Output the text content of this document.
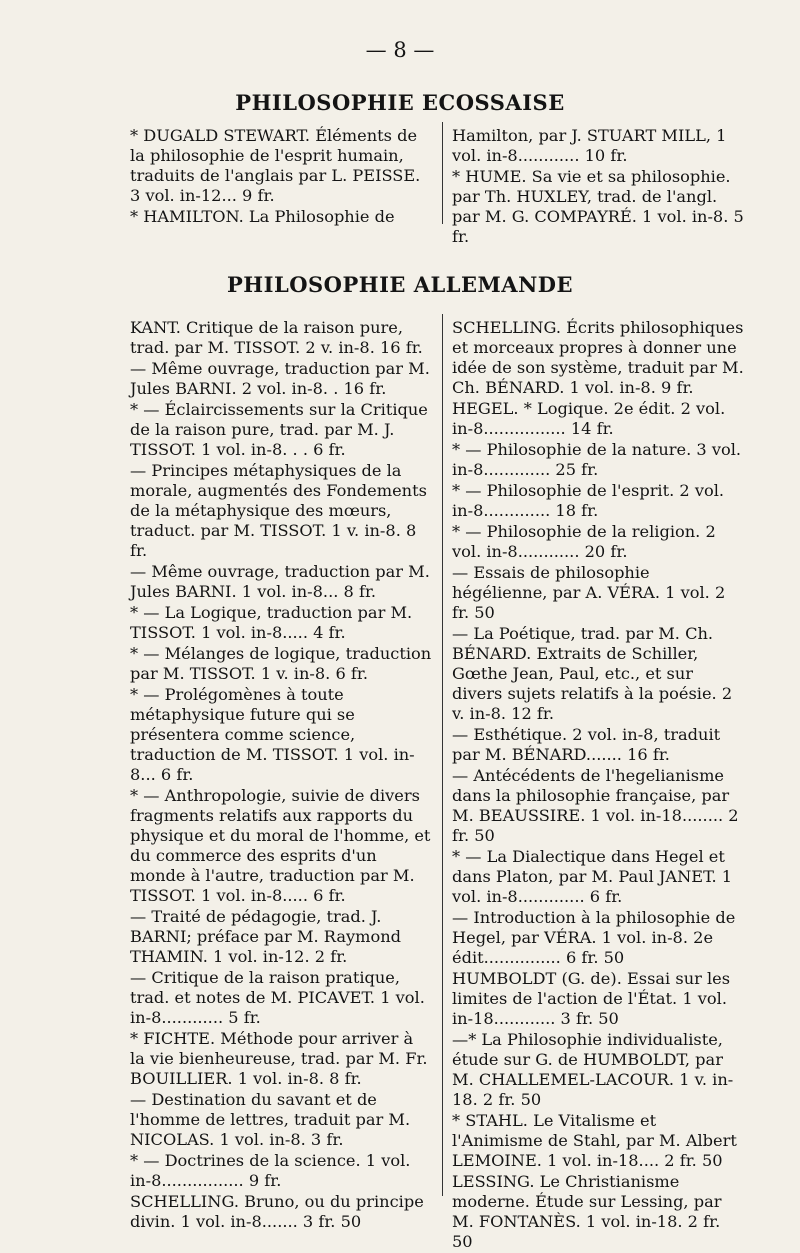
— 8 —
PHILOSOPHIE ECOSSAISE

* DUGALD STEWART. Éléments de la philosophie de l'esprit humain, traduits de l'anglais par L. PEISSE. 3 vol. in-12... 9 fr.

* HAMILTON. La Philosophie de

Hamilton, par J. STUART MILL, 1 vol. in-8............ 10 fr.

* HUME. Sa vie et sa philosophie. par Th. HUXLEY, trad. de l'angl. par M. G. COMPAYRÉ. 1 vol. in-8. 5 fr.

PHILOSOPHIE ALLEMANDE

KANT. Critique de la raison pure, trad. par M. TISSOT. 2 v. in-8. 16 fr.

— Même ouvrage, traduction par M. Jules BARNI. 2 vol. in-8. . 16 fr.

* — Éclaircissements sur la Critique de la raison pure, trad. par M. J. TISSOT. 1 vol. in-8. . . 6 fr.

— Principes métaphysiques de la morale, augmentés des Fondements de la métaphysique des mœurs, traduct. par M. TISSOT. 1 v. in-8. 8 fr.

— Même ouvrage, traduction par M. Jules BARNI. 1 vol. in-8... 8 fr.

* — La Logique, traduction par M. TISSOT. 1 vol. in-8..... 4 fr.

* — Mélanges de logique, traduction par M. TISSOT. 1 v. in-8. 6 fr.

* — Prolégomènes à toute métaphysique future qui se présentera comme science, traduction de M. TISSOT. 1 vol. in-8... 6 fr.

* — Anthropologie, suivie de divers fragments relatifs aux rapports du physique et du moral de l'homme, et du commerce des esprits d'un monde à l'autre, traduction par M. TISSOT. 1 vol. in-8..... 6 fr.

— Traité de pédagogie, trad. J. BARNI; préface par M. Raymond THAMIN. 1 vol. in-12. 2 fr.

— Critique de la raison pratique, trad. et notes de M. PICAVET. 1 vol. in-8............ 5 fr.

* FICHTE. Méthode pour arriver à la vie bienheureuse, trad. par M. Fr. BOUILLIER. 1 vol. in-8. 8 fr.

— Destination du savant et de l'homme de lettres, traduit par M. NICOLAS. 1 vol. in-8. 3 fr.

* — Doctrines de la science. 1 vol. in-8................ 9 fr.

SCHELLING. Bruno, ou du principe divin. 1 vol. in-8....... 3 fr. 50

SCHELLING. Écrits philosophiques et morceaux propres à donner une idée de son système, traduit par M. Ch. BÉNARD. 1 vol. in-8. 9 fr.

HEGEL. * Logique. 2e édit. 2 vol. in-8................ 14 fr.

* — Philosophie de la nature. 3 vol. in-8............. 25 fr.

* — Philosophie de l'esprit. 2 vol. in-8............. 18 fr.

* — Philosophie de la religion. 2 vol. in-8............ 20 fr.

— Essais de philosophie hégélienne, par A. VÉRA. 1 vol. 2 fr. 50

— La Poétique, trad. par M. Ch. BÉNARD. Extraits de Schiller, Gœthe Jean, Paul, etc., et sur divers sujets relatifs à la poésie. 2 v. in-8. 12 fr.

— Esthétique. 2 vol. in-8, traduit par M. BÉNARD....... 16 fr.

— Antécédents de l'hegelianisme dans la philosophie française, par M. BEAUSSIRE. 1 vol. in-18........ 2 fr. 50

* — La Dialectique dans Hegel et dans Platon, par M. Paul JANET. 1 vol. in-8............. 6 fr.

— Introduction à la philosophie de Hegel, par VÉRA. 1 vol. in-8. 2e édit............... 6 fr. 50

HUMBOLDT (G. de). Essai sur les limites de l'action de l'État. 1 vol. in-18............ 3 fr. 50

—* La Philosophie individualiste, étude sur G. de HUMBOLDT, par M. CHALLEMEL-LACOUR. 1 v. in-18. 2 fr. 50

* STAHL. Le Vitalisme et l'Animisme de Stahl, par M. Albert LEMOINE. 1 vol. in-18.... 2 fr. 50

LESSING. Le Christianisme moderne. Étude sur Lessing, par M. FONTANÈS. 1 vol. in-18. 2 fr. 50
